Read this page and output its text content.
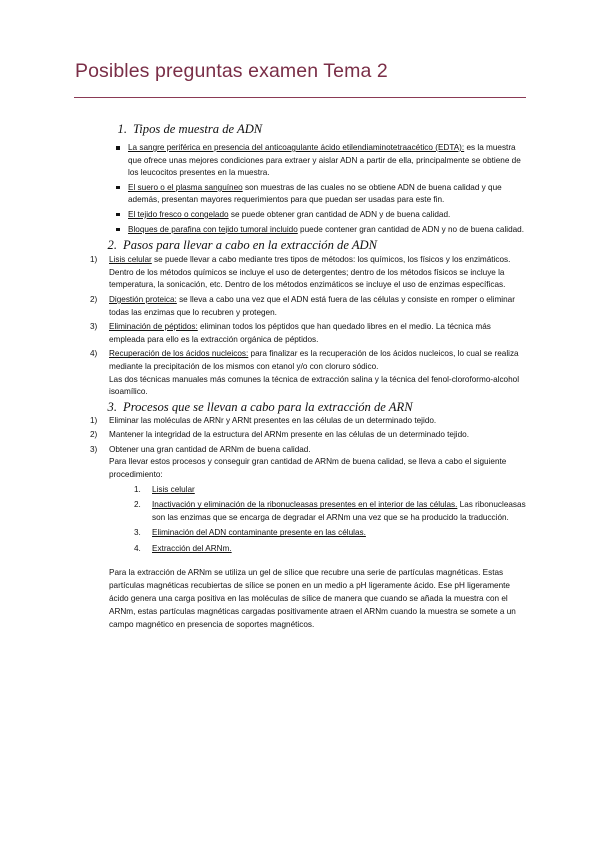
Posibles preguntas examen Tema 2
1. Tipos de muestra de ADN
La sangre periférica en presencia del anticoagulante ácido etilendiaminotetraacético (EDTA): es la muestra que ofrece unas mejores condiciones para extraer y aislar ADN a partir de ella, principalmente se obtiene de los leucocitos presentes en la muestra.
El suero o el plasma sanguíneo son muestras de las cuales no se obtiene ADN de buena calidad y que además, presentan mayores requerimientos para que puedan ser usadas para este fin.
El tejido fresco o congelado se puede obtener gran cantidad de ADN y de buena calidad.
Bloques de parafina con tejido tumoral incluido puede contener gran cantidad de ADN y no de buena calidad.
2. Pasos para llevar a cabo en la extracción de ADN
1) Lisis celular se puede llevar a cabo mediante tres tipos de métodos: los químicos, los físicos y los enzimáticos. Dentro de los métodos químicos se incluye el uso de detergentes; dentro de los métodos físicos se incluye la temperatura, la sonicación, etc. Dentro de los métodos enzimáticos se incluye el uso de enzimas específicas.
2) Digestión proteica: se lleva a cabo una vez que el ADN está fuera de las células y consiste en romper o eliminar todas las enzimas que lo recubren y protegen.
3) Eliminación de péptidos: eliminan todos los péptidos que han quedado libres en el medio. La técnica más empleada para ello es la extracción orgánica de péptidos.
4) Recuperación de los ácidos nucleicos: para finalizar es la recuperación de los ácidos nucleicos, lo cual se realiza mediante la precipitación de los mismos con etanol y/o con cloruro sódico.

Las dos técnicas manuales más comunes la técnica de extracción salina y la técnica del fenol-cloroformo-alcohol isoamílico.

3. Procesos que se llevan a cabo para la extracción de ARN
1) Eliminar las moléculas de ARNr y ARNt presentes en las células de un determinado tejido.
2) Mantener la integridad de la estructura del ARNm presente en las células de un determinado tejido.
3) Obtener una gran cantidad de ARNm de buena calidad.

Para llevar estos procesos y conseguir gran cantidad de ARNm de buena calidad, se lleva a cabo el siguiente procedimiento:

1. Lisis celular
2. Inactivación y eliminación de la ribonucleasas presentes en el interior de las células. Las ribonucleasas son las enzimas que se encarga de degradar el ARNm una vez que se ha producido la traducción.
3. Eliminación del ADN contaminante presente en las células.
4. Extracción del ARNm.

Para la extracción de ARNm se utiliza un gel de sílice que recubre una serie de partículas magnéticas. Estas partículas magnéticas recubiertas de sílice se ponen en un medio a pH ligeramente ácido. Ese pH ligeramente ácido genera una carga positiva en las moléculas de sílice de manera que cuando se añada la muestra con el ARNm, estas partículas magnéticas cargadas positivamente atraen el ARNm cuando la muestra se somete a un campo magnético en presencia de soportes magnéticos.
